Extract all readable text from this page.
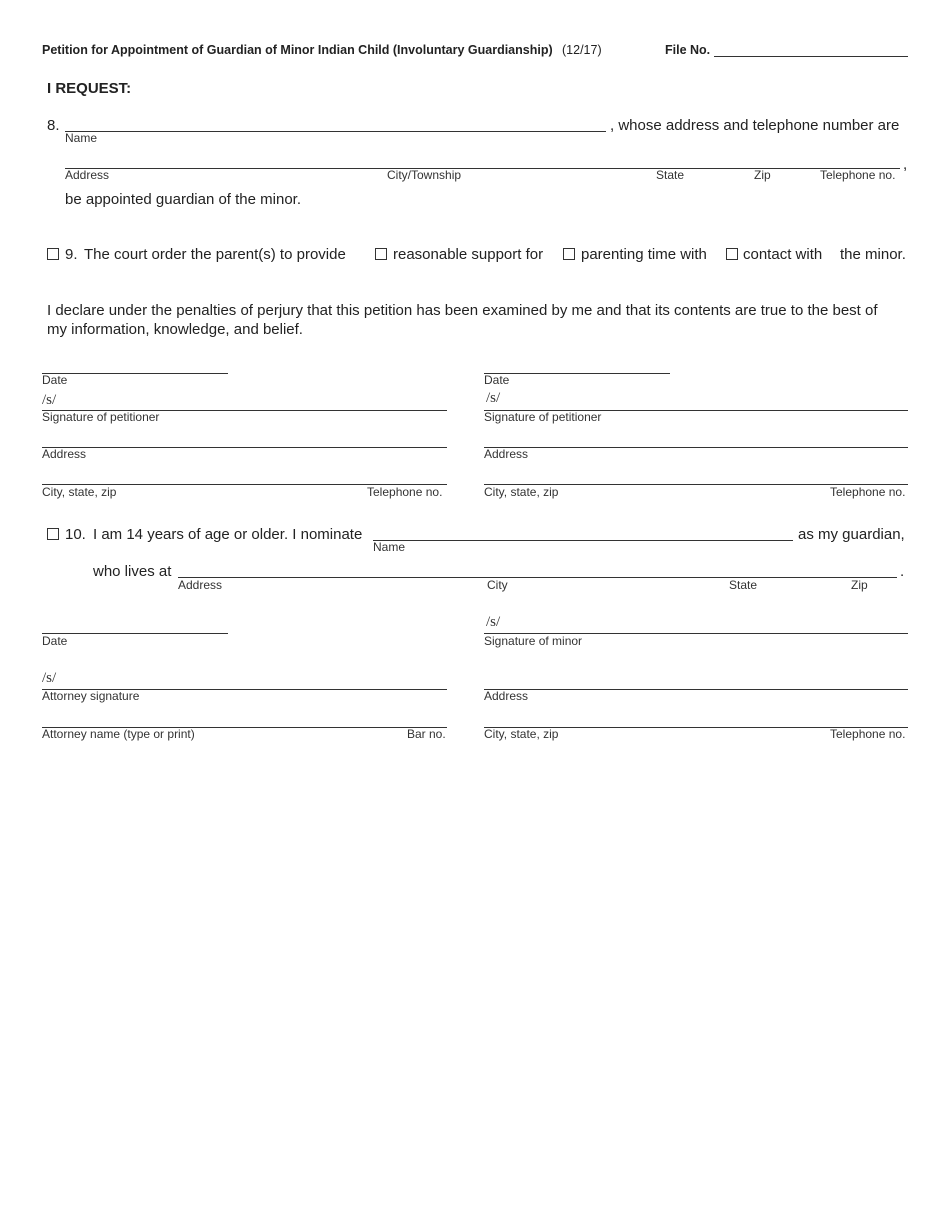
Petition for Appointment of Guardian of Minor Indian Child (Involuntary Guardianship) (12/17)	File No.
I REQUEST:
8.
Name
, whose address and telephone number are
,
Address	City/Township	State	Zip	Telephone no.
be appointed guardian of the minor.
9. The court order the parent(s) to provide	reasonable support for	parenting time with contact with the minor.
I declare under the penalties of perjury that this petition has been examined by me and that its contents are true to the best of
my information, knowledge, and belief.
Date
/s/
Signature of petitioner
Address
City, state, zip	Telephone no.
Date
/s/
Signature of petitioner
Address
City, state, zip	Telephone no.
10. I am 14 years of age or older. I nominate
Name
as my guardian,
who lives at	.
Address	City	State	Zip
Date
/s/
Signature of minor
/s/
Attorney signature
Attorney name (type or print)	Bar no.
Address
City, state, zip	Telephone no.
